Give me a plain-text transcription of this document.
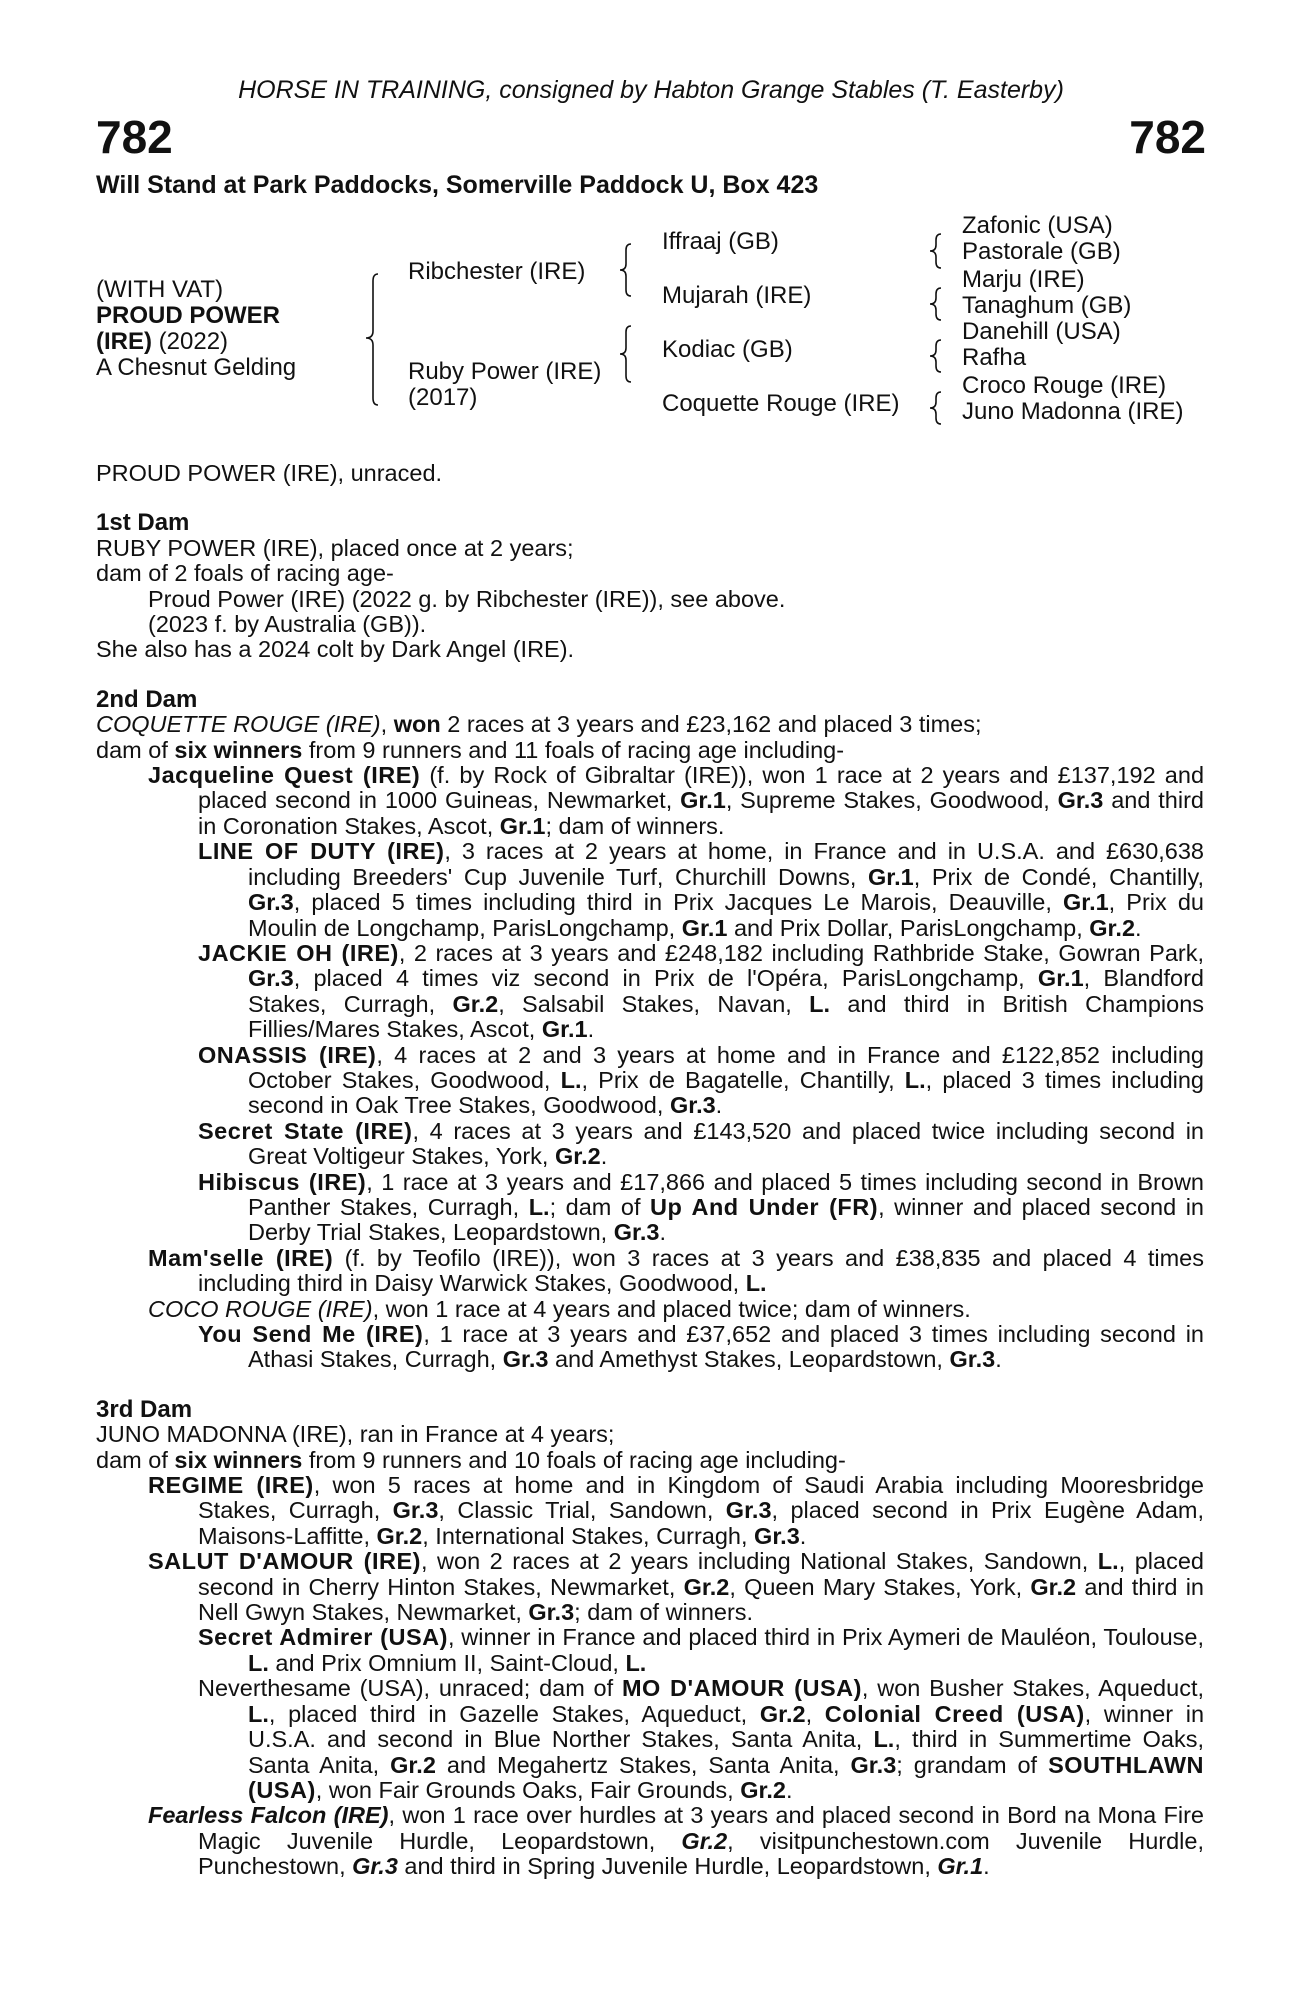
HORSE IN TRAINING, consigned by Habton Grange Stables (T. Easterby)
782	782
Will Stand at Park Paddocks, Somerville Paddock U, Box 423
(WITH VAT)
PROUD POWER
(IRE) (2022)
A Chesnut Gelding
Ribchester (IRE)
Ruby Power (IRE)
(2017)
Iffraaj (GB)
Mujarah (IRE)
Kodiac (GB)
Coquette Rouge (IRE)
Zafonic (USA)
Pastorale (GB)
Marju (IRE)
Tanaghum (GB)
Danehill (USA)
Rafha
Croco Rouge (IRE)
Juno Madonna (IRE)

PROUD POWER (IRE), unraced.

1st Dam

RUBY POWER (IRE), placed once at 2 years;

dam of 2 foals of racing age-

Proud Power (IRE) (2022 g. by Ribchester (IRE)), see above.

(2023 f. by Australia (GB)).

She also has a 2024 colt by Dark Angel (IRE).

2nd Dam

COQUETTE ROUGE (IRE), won 2 races at 3 years and £23,162 and placed 3 times;

dam of six winners from 9 runners and 11 foals of racing age including-

Jacqueline Quest (IRE) (f. by Rock of Gibraltar (IRE)), won 1 race at 2 years and £137,192 and placed second in 1000 Guineas, Newmarket, Gr.1, Supreme Stakes, Goodwood, Gr.3 and third in Coronation Stakes, Ascot, Gr.1; dam of winners.

LINE OF DUTY (IRE), 3 races at 2 years at home, in France and in U.S.A. and £630,638 including Breeders' Cup Juvenile Turf, Churchill Downs, Gr.1, Prix de Condé, Chantilly, Gr.3, placed 5 times including third in Prix Jacques Le Marois, Deauville, Gr.1, Prix du Moulin de Longchamp, ParisLongchamp, Gr.1 and Prix Dollar, ParisLongchamp, Gr.2.

JACKIE OH (IRE), 2 races at 3 years and £248,182 including Rathbride Stake, Gowran Park, Gr.3, placed 4 times viz second in Prix de l'Opéra, ParisLongchamp, Gr.1, Blandford Stakes, Curragh, Gr.2, Salsabil Stakes, Navan, L. and third in British Champions Fillies/Mares Stakes, Ascot, Gr.1.

ONASSIS (IRE), 4 races at 2 and 3 years at home and in France and £122,852 including October Stakes, Goodwood, L., Prix de Bagatelle, Chantilly, L., placed 3 times including second in Oak Tree Stakes, Goodwood, Gr.3.

Secret State (IRE), 4 races at 3 years and £143,520 and placed twice including second in Great Voltigeur Stakes, York, Gr.2.

Hibiscus (IRE), 1 race at 3 years and £17,866 and placed 5 times including second in Brown Panther Stakes, Curragh, L.; dam of Up And Under (FR), winner and placed second in Derby Trial Stakes, Leopardstown, Gr.3.

Mam'selle (IRE) (f. by Teofilo (IRE)), won 3 races at 3 years and £38,835 and placed 4 times including third in Daisy Warwick Stakes, Goodwood, L.

COCO ROUGE (IRE), won 1 race at 4 years and placed twice; dam of winners.

You Send Me (IRE), 1 race at 3 years and £37,652 and placed 3 times including second in Athasi Stakes, Curragh, Gr.3 and Amethyst Stakes, Leopardstown, Gr.3.

3rd Dam

JUNO MADONNA (IRE), ran in France at 4 years;

dam of six winners from 9 runners and 10 foals of racing age including-

REGIME (IRE), won 5 races at home and in Kingdom of Saudi Arabia including Mooresbridge Stakes, Curragh, Gr.3, Classic Trial, Sandown, Gr.3, placed second in Prix Eugène Adam, Maisons-Laffitte, Gr.2, International Stakes, Curragh, Gr.3.

SALUT D'AMOUR (IRE), won 2 races at 2 years including National Stakes, Sandown, L., placed second in Cherry Hinton Stakes, Newmarket, Gr.2, Queen Mary Stakes, York, Gr.2 and third in Nell Gwyn Stakes, Newmarket, Gr.3; dam of winners.

Secret Admirer (USA), winner in France and placed third in Prix Aymeri de Mauléon, Toulouse, L. and Prix Omnium II, Saint-Cloud, L.

Neverthesame (USA), unraced; dam of MO D'AMOUR (USA), won Busher Stakes, Aqueduct, L., placed third in Gazelle Stakes, Aqueduct, Gr.2, Colonial Creed (USA), winner in U.S.A. and second in Blue Norther Stakes, Santa Anita, L., third in Summertime Oaks, Santa Anita, Gr.2 and Megahertz Stakes, Santa Anita, Gr.3; grandam of SOUTHLAWN (USA), won Fair Grounds Oaks, Fair Grounds, Gr.2.

Fearless Falcon (IRE), won 1 race over hurdles at 3 years and placed second in Bord na Mona Fire Magic Juvenile Hurdle, Leopardstown, Gr.2, visitpunchestown.com Juvenile Hurdle, Punchestown, Gr.3 and third in Spring Juvenile Hurdle, Leopardstown, Gr.1.
